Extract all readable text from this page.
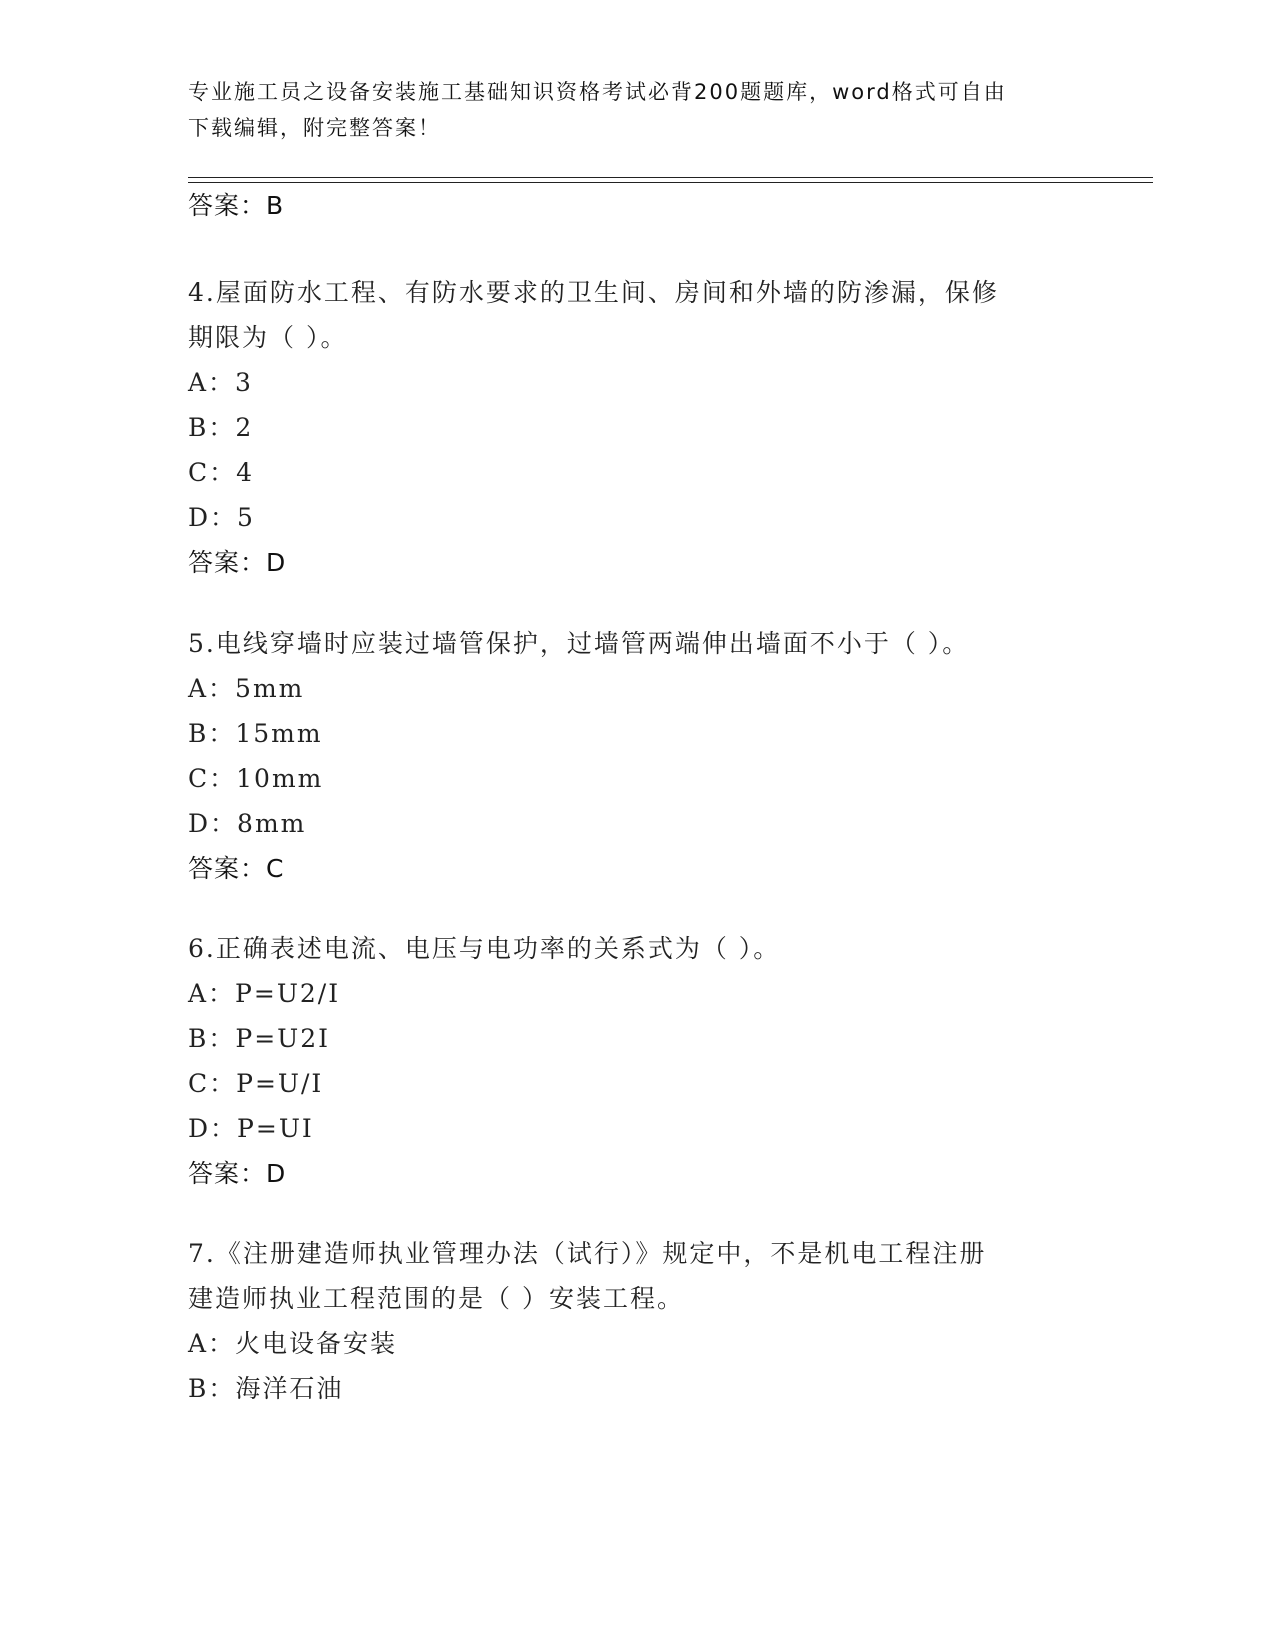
专业施工员之设备安装施工基础知识资格考试必背200题题库，word格式可自由
下载编辑，附完整答案！
答案：B
4.屋面防水工程、有防水要求的卫生间、房间和外墙的防渗漏，保修
期限为（ ）。
A：3
B：2
C：4
D：5
答案：D
5.电线穿墙时应装过墙管保护，过墙管两端伸出墙面不小于（ ）。
A：5mm
B：15mm
C：10mm
D：8mm
答案：C
6.正确表述电流、电压与电功率的关系式为（ ）。
A：P=U2/I
B：P=U2I
C：P=U/I
D：P=UI
答案：D
7.《注册建造师执业管理办法（试行）》规定中，不是机电工程注册
建造师执业工程范围的是（ ）安装工程。
A：火电设备安装
B：海洋石油
